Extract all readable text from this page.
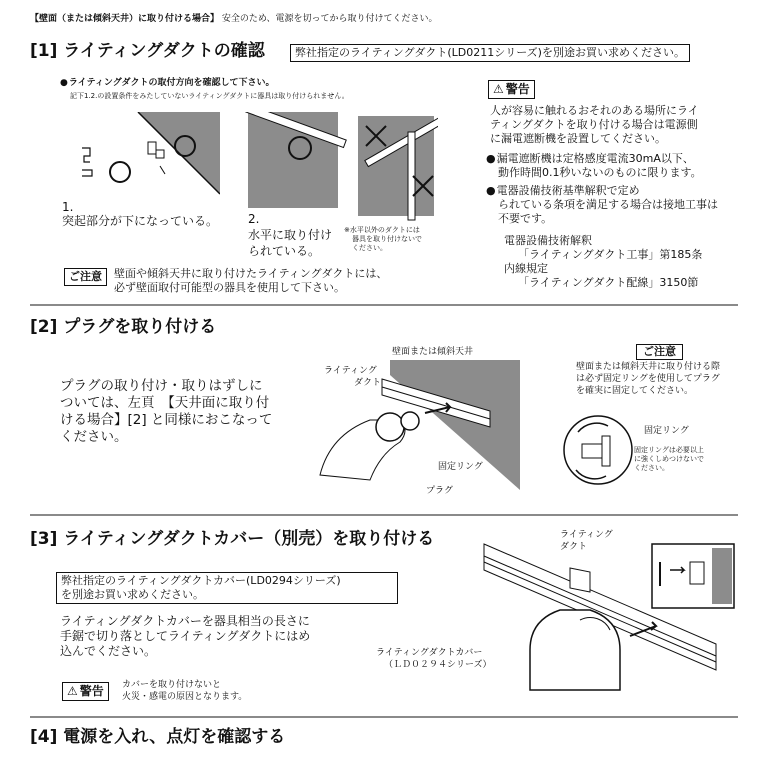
【壁面（または傾斜天井）に取り付ける場合】 安全のため、電源を切ってから取り付けてください。
[1] ライティングダクトの確認	弊社指定のライティングダクト(LD0211シリーズ)を別途お買い求めください。
● ライティングダクトの取付方向を確認して下さい。
記下1.2.の設置条件をみたしていないライティングダクトに器具は取り付けられません。
1.
突起部分が下になっている。 2.
水平に取り付け
られている。
※水平以外のダクトには
器具を取り付けないで
ください。
ご注意	壁面や傾斜天井に取り付けたライティングダクトには、
必ず壁面取付可能型の器具を使用して下さい。
⚠ 警告
人が容易に触れるおそれのある場所にライ
ティングダクトを取り付ける場合は電源側
に漏電遮断機を設置してください。
● 漏電遮断機は定格感度電流30mA以下、
動作時間0.1秒いないのものに限ります。
● 電器設備技術基準解釈で定め
られている条項を満足する場合は接地工事は
不要です。
電器設備技術解釈
「ライティングダクト工事」第185条
内線規定
「ライティングダクト配線」3150節
[2] プラグを取り付ける
プラグの取り付け・取りはずしに
ついては、左頁　【天井面に取り付
ける場合】[2] と同様におこなって
ください。
壁面または傾斜天井
ライティング
ダクト
固定リング
プラグ
ご注意
壁面または傾斜天井に取り付ける際
は必ず固定リングを使用してプラグ
を確実に固定してください。
固定リング
固定リングは必要以上
に強くしめつけないで
ください。
[3] ライティングダクトカバー（別売）を取り付ける
弊社指定のライティングダクトカバー(LD0294シリーズ)
を別途お買い求めください。
ライティングダクトカバーを器具相当の長さに
手鋸で切り落としてライティングダクトにはめ
込んでください。
⚠ 警告 カバーを取り付けないと
火災・感電の原因となります。
ライティング
ダクト
ライティングダクトカバー
（ＬＤ０２９４シリーズ）
[4] 電源を入れ、点灯を確認する
